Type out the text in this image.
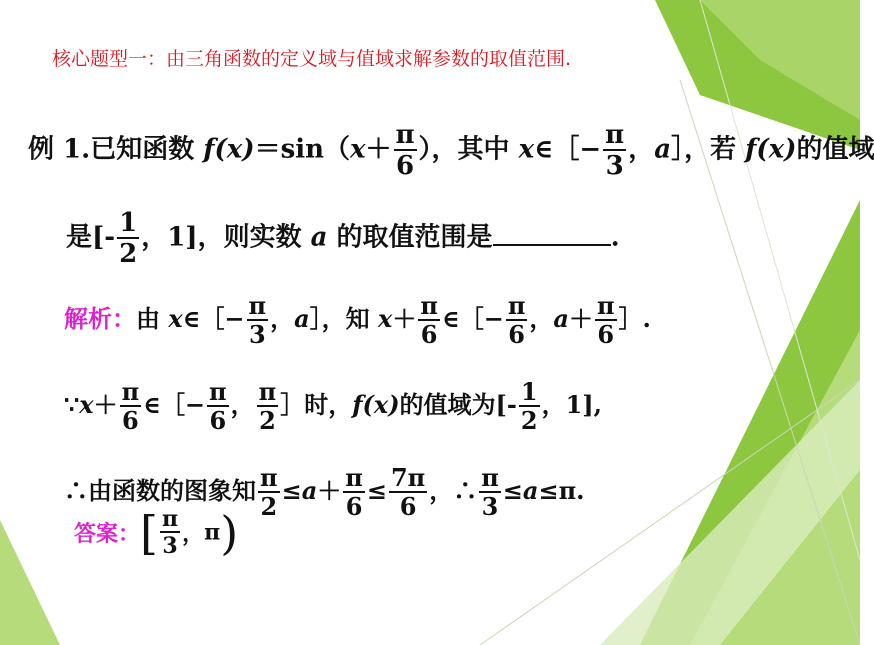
核心题型一：由三角函数的定义域与值域求解参数的取值范围.
例 1.已知函数 $f(x)=\sin(x+ \frac{\pi}{6}$ ），其中 x∈［− $\frac{\pi}{3}$ ，a］，若 f(x)的值域
是[- $\frac{1}{2}$ ，1]，则实数 a 的取值范围是	.
解析：由 x∈［− $\frac{\pi}{3}$ ，a］，知 $x+ \frac{\pi}{6}$ ∈［− $\frac{\pi}{6}$ ，$a+ \frac{\pi}{6}$ ］.
∵x＋ $\frac{\pi}{6}$ ∈［− $\frac{\pi}{6}$ ， $\frac{\pi}{2}$ ］时，f(x)的值域为[- $\frac{1}{2}$ ，1],
∴由函数的图象知 $\frac{\pi}{2} \le a+ \frac{\pi}{6} \le \frac{7\pi}{6}$ ，∴ $\frac{\pi}{3} \le a\le\pi$.
答案：[ $\frac{\pi}{3}$ ，π)
